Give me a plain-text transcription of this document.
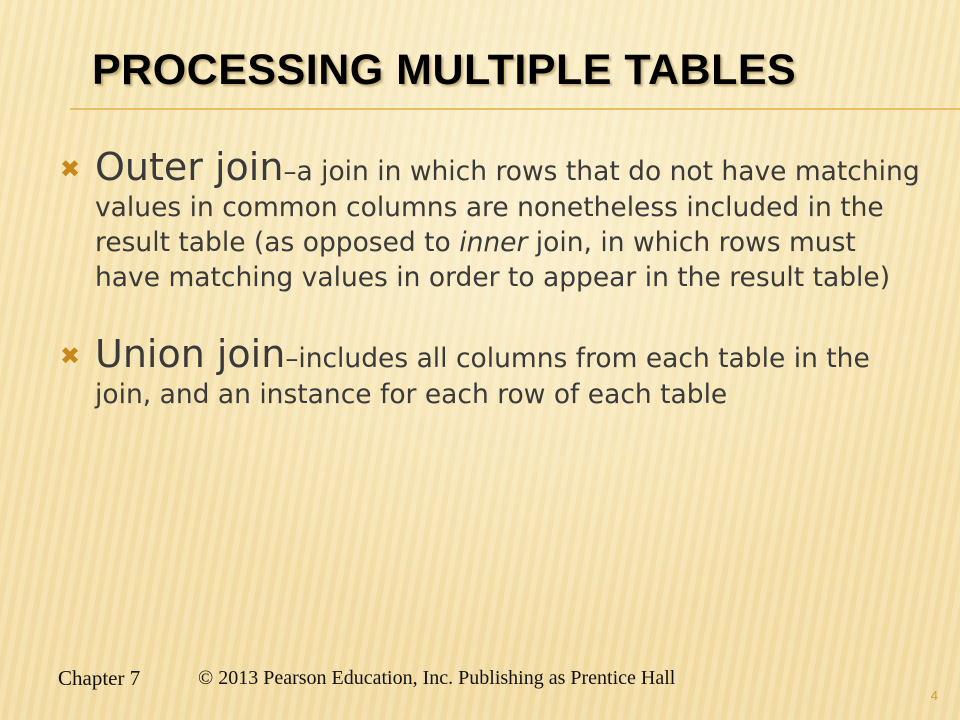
PROCESSING MULTIPLE TABLES
✖ Outer join–a join in which rows that do not have matching values in common columns are nonetheless included in the result table (as opposed to inner join, in which rows must have matching values in order to appear in the result table)
✖ Union join–includes all columns from each table in the join, and an instance for each row of each table
Chapter 7	© 2013 Pearson Education, Inc. Publishing as Prentice Hall
4
